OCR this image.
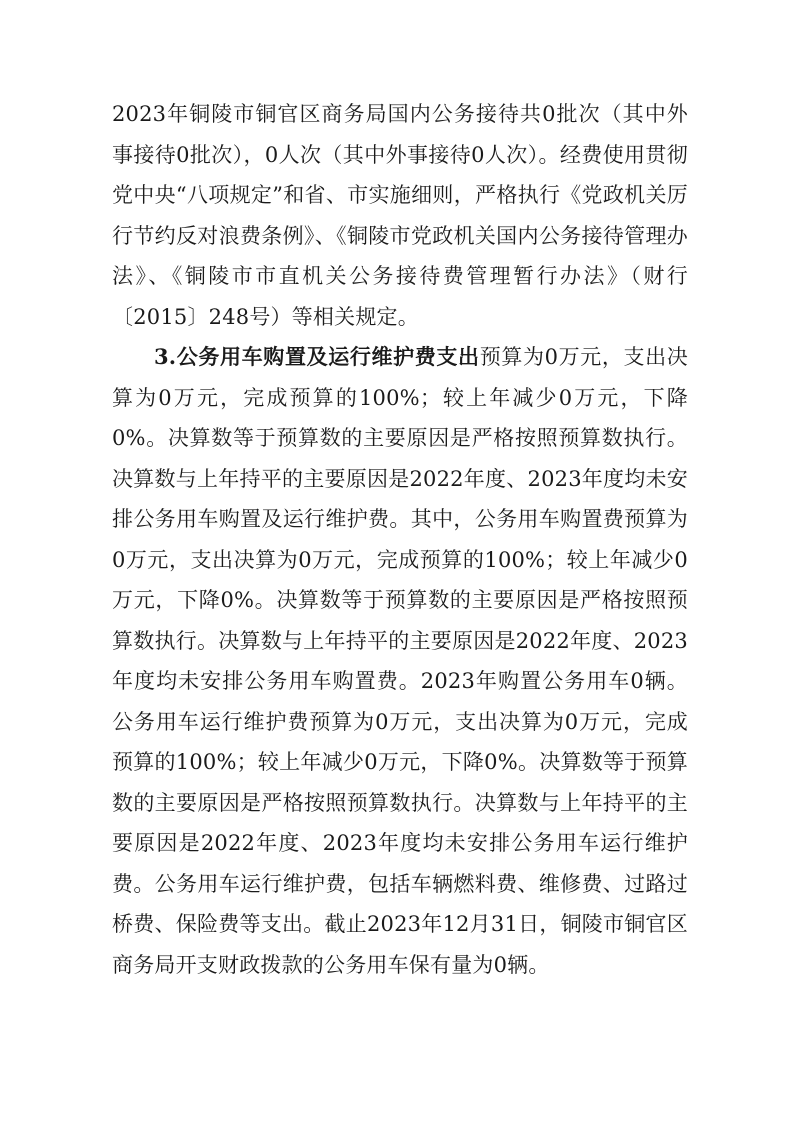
2023年铜陵市铜官区商务局国内公务接待共0批次（其中外事接待0批次），0人次（其中外事接待0人次）。经费使用贯彻党中央“八项规定”和省、市实施细则，严格执行《党政机关厉行节约反对浪费条例》、《铜陵市党政机关国内公务接待管理办法》、《铜陵市市直机关公务接待费管理暂行办法》（财行〔2015〕248号）等相关规定。

3.公务用车购置及运行维护费支出预算为0万元，支出决算为0万元，完成预算的100%；较上年减少0万元，下降0%。决算数等于预算数的主要原因是严格按照预算数执行。决算数与上年持平的主要原因是2022年度、2023年度均未安排公务用车购置及运行维护费。其中，公务用车购置费预算为0万元，支出决算为0万元，完成预算的100%；较上年减少0万元，下降0%。决算数等于预算数的主要原因是严格按照预算数执行。决算数与上年持平的主要原因是2022年度、2023年度均未安排公务用车购置费。2023年购置公务用车0辆。公务用车运行维护费预算为0万元，支出决算为0万元，完成预算的100%；较上年减少0万元，下降0%。决算数等于预算数的主要原因是严格按照预算数执行。决算数与上年持平的主要原因是2022年度、2023年度均未安排公务用车运行维护费。公务用车运行维护费，包括车辆燃料费、维修费、过路过桥费、保险费等支出。截止2023年12月31日，铜陵市铜官区商务局开支财政拨款的公务用车保有量为0辆。
